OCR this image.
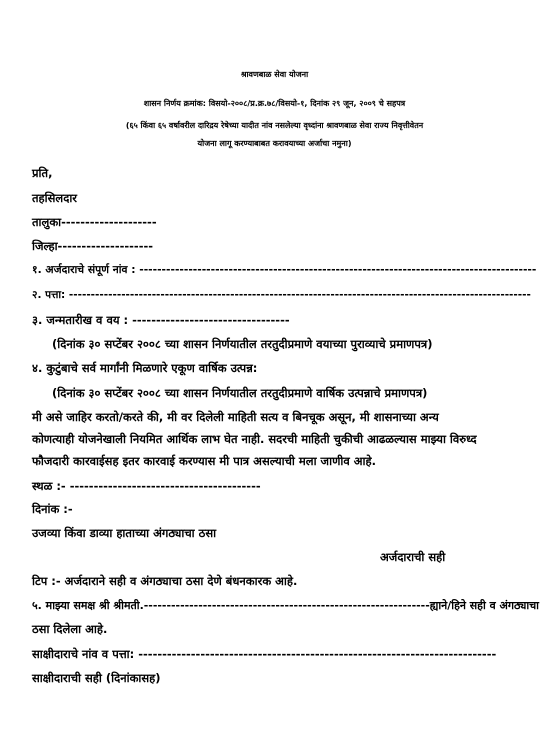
श्रावणबाळ सेवा योजना
शासन निर्णय क्रमांक: विसयो-२००८/प्र.क्र.७८/विसयो-१, दिनांक २९ जून, २००९ चे सहपत्र
(६५ किंवा ६५ वर्षावरील दारिद्रय रेषेच्या यादीत नांव नसलेल्या वृध्दांना श्रावणबाळ सेवा राज्य निवृत्तीवेतन
योजना लागू करण्याबाबत करावयाच्या अर्जाचा नमुना)
प्रति,
तहसिलदार
तालुका--------------------
जिल्हा--------------------
१. अर्जदाराचे संपूर्ण नांव : -----------------------------------------------------------------------------------------
२. पत्ता: ----------------------------------------------------------------------------------------------------------
३. जन्मतारीख व वय : ---------------------------------
(दिनांक ३० सप्टेंबर २००८ च्या शासन निर्णयातील तरतुदीप्रमाणे वयाच्या पुराव्याचे प्रमाणपत्र)
४. कुटुंबाचे सर्व मार्गांनी मिळणारे एकूण वार्षिक उत्पन्न:
(दिनांक ३० सप्टेंबर २००८ च्या शासन निर्णयातील तरतुदीप्रमाणे वार्षिक उत्पन्नाचे प्रमाणपत्र)
मी असे जाहिर करतो/करते की, मी वर दिलेली माहिती सत्य व बिनचूक असून, मी शासनाच्या अन्य
कोणत्याही योजनेखाली नियमित आर्थिक लाभ घेत नाही. सदरची माहिती चुकीची आढळल्यास माझ्या विरुध्द
फौजदारी कारवाईसह इतर कारवाई करण्यास मी पात्र असल्याची मला जाणीव आहे.
स्थळ :- ----------------------------------------
दिनांक :-
उजव्या किंवा डाव्या हाताच्या अंगठ्याचा ठसा
अर्जदाराची सही
टिप :- अर्जदाराने सही व अंगठ्याचा ठसा देणे बंधनकारक आहे.
५. माझ्या समक्ष श्री श्रीमती.---------------------------------------------------------------ह्याने/हिने सही व अंगठ्याचा
ठसा दिलेला आहे.
साक्षीदाराचे नांव व पत्ता: ---------------------------------------------------------------------------
साक्षीदाराची सही (दिनांकासह)
